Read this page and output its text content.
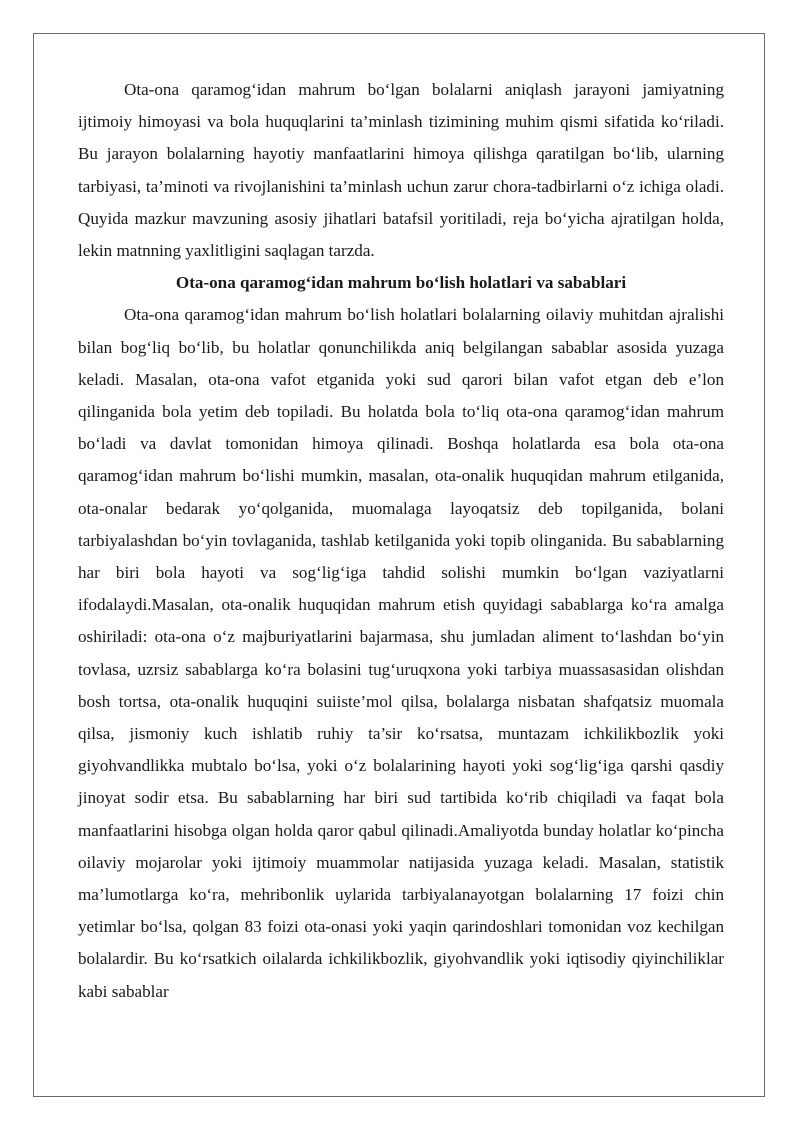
Ota-ona qaramog‘idan mahrum bo‘lgan bolalarni aniqlash jarayoni jamiyatning ijtimoiy himoyasi va bola huquqlarini ta’minlash tizimining muhim qismi sifatida ko‘riladi. Bu jarayon bolalarning hayotiy manfaatlarini himoya qilishga qaratilgan bo‘lib, ularning tarbiyasi, ta’minoti va rivojlanishini ta’minlash uchun zarur chora-tadbirlarni o‘z ichiga oladi. Quyida mazkur mavzuning asosiy jihatlari batafsil yoritiladi, reja bo‘yicha ajratilgan holda, lekin matnning yaxlitligini saqlagan tarzda.

Ota-ona qaramog‘idan mahrum bo‘lish holatlari va sabablari

Ota-ona qaramog‘idan mahrum bo‘lish holatlari bolalarning oilaviy muhitdan ajralishi bilan bog‘liq bo‘lib, bu holatlar qonunchilikda aniq belgilangan sabablar asosida yuzaga keladi. Masalan, ota-ona vafot etganida yoki sud qarori bilan vafot etgan deb e’lon qilinganida bola yetim deb topiladi. Bu holatda bola to‘liq ota-ona qaramog‘idan mahrum bo‘ladi va davlat tomonidan himoya qilinadi. Boshqa holatlarda esa bola ota-ona qaramog‘idan mahrum bo‘lishi mumkin, masalan, ota-onalik huquqidan mahrum etilganida, ota-onalar bedarak yo‘qolganida, muomalaga layoqatsiz deb topilganida, bolani tarbiyalashdan bo‘yin tovlaganida, tashlab ketilganida yoki topib olinganida. Bu sabablarning har biri bola hayoti va sog‘lig‘iga tahdid solishi mumkin bo‘lgan vaziyatlarni ifodalaydi.Masalan, ota-onalik huquqidan mahrum etish quyidagi sabablarga ko‘ra amalga oshiriladi: ota-ona o‘z majburiyatlarini bajarmasa, shu jumladan aliment to‘lashdan bo‘yin tovlasa, uzrsiz sabablarga ko‘ra bolasini tug‘uruqxona yoki tarbiya muassasasidan olishdan bosh tortsa, ota-onalik huquqini suiiste’mol qilsa, bolalarga nisbatan shafqatsiz muomala qilsa, jismoniy kuch ishlatib ruhiy ta’sir ko‘rsatsa, muntazam ichkilikbozlik yoki giyohvandlikka mubtalo bo‘lsa, yoki o‘z bolalarining hayoti yoki sog‘lig‘iga qarshi qasdiy jinoyat sodir etsa. Bu sabablarning har biri sud tartibida ko‘rib chiqiladi va faqat bola manfaatlarini hisobga olgan holda qaror qabul qilinadi.Amaliyotda bunday holatlar ko‘pincha oilaviy mojarolar yoki ijtimoiy muammolar natijasida yuzaga keladi. Masalan, statistik ma’lumotlarga ko‘ra, mehribonlik uylarida tarbiyalanayotgan bolalarning 17 foizi chin yetimlar bo‘lsa, qolgan 83 foizi ota-onasi yoki yaqin qarindoshlari tomonidan voz kechilgan bolalardir. Bu ko‘rsatkich oilalarda ichkilikbozlik, giyohvandlik yoki iqtisodiy qiyinchiliklar kabi sabablar
